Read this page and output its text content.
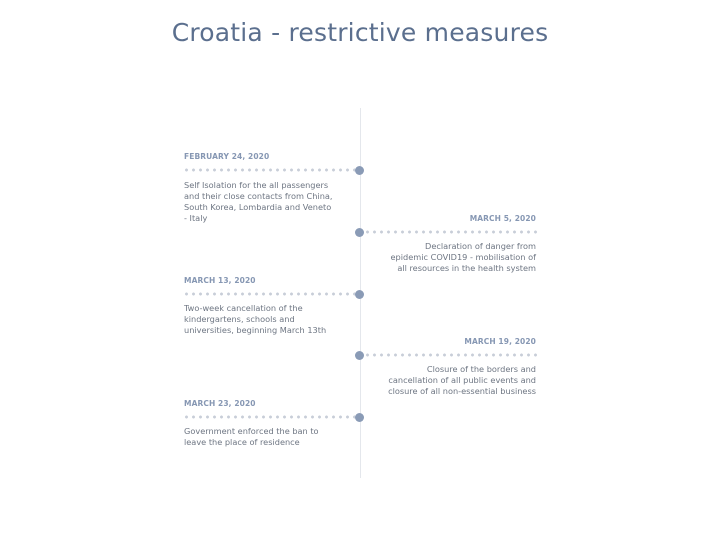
Croatia - restrictive measures
FEBRUARY 24, 2020
Self Isolation for the all passengers
and their close contacts from China,
South Korea, Lombardia and Veneto
- Italy	MARCH 5, 2020
Declaration of danger from
epidemic COVID19 - mobilisation of
all resources in the health system
MARCH 13, 2020
Two-week cancellation of the
kindergartens, schools and
universities, beginning March 13th
MARCH 19, 2020
Closure of the borders and
cancellation of all public events and
closure of all non-essential business
MARCH 23, 2020
Government enforced the ban to
leave the place of residence
